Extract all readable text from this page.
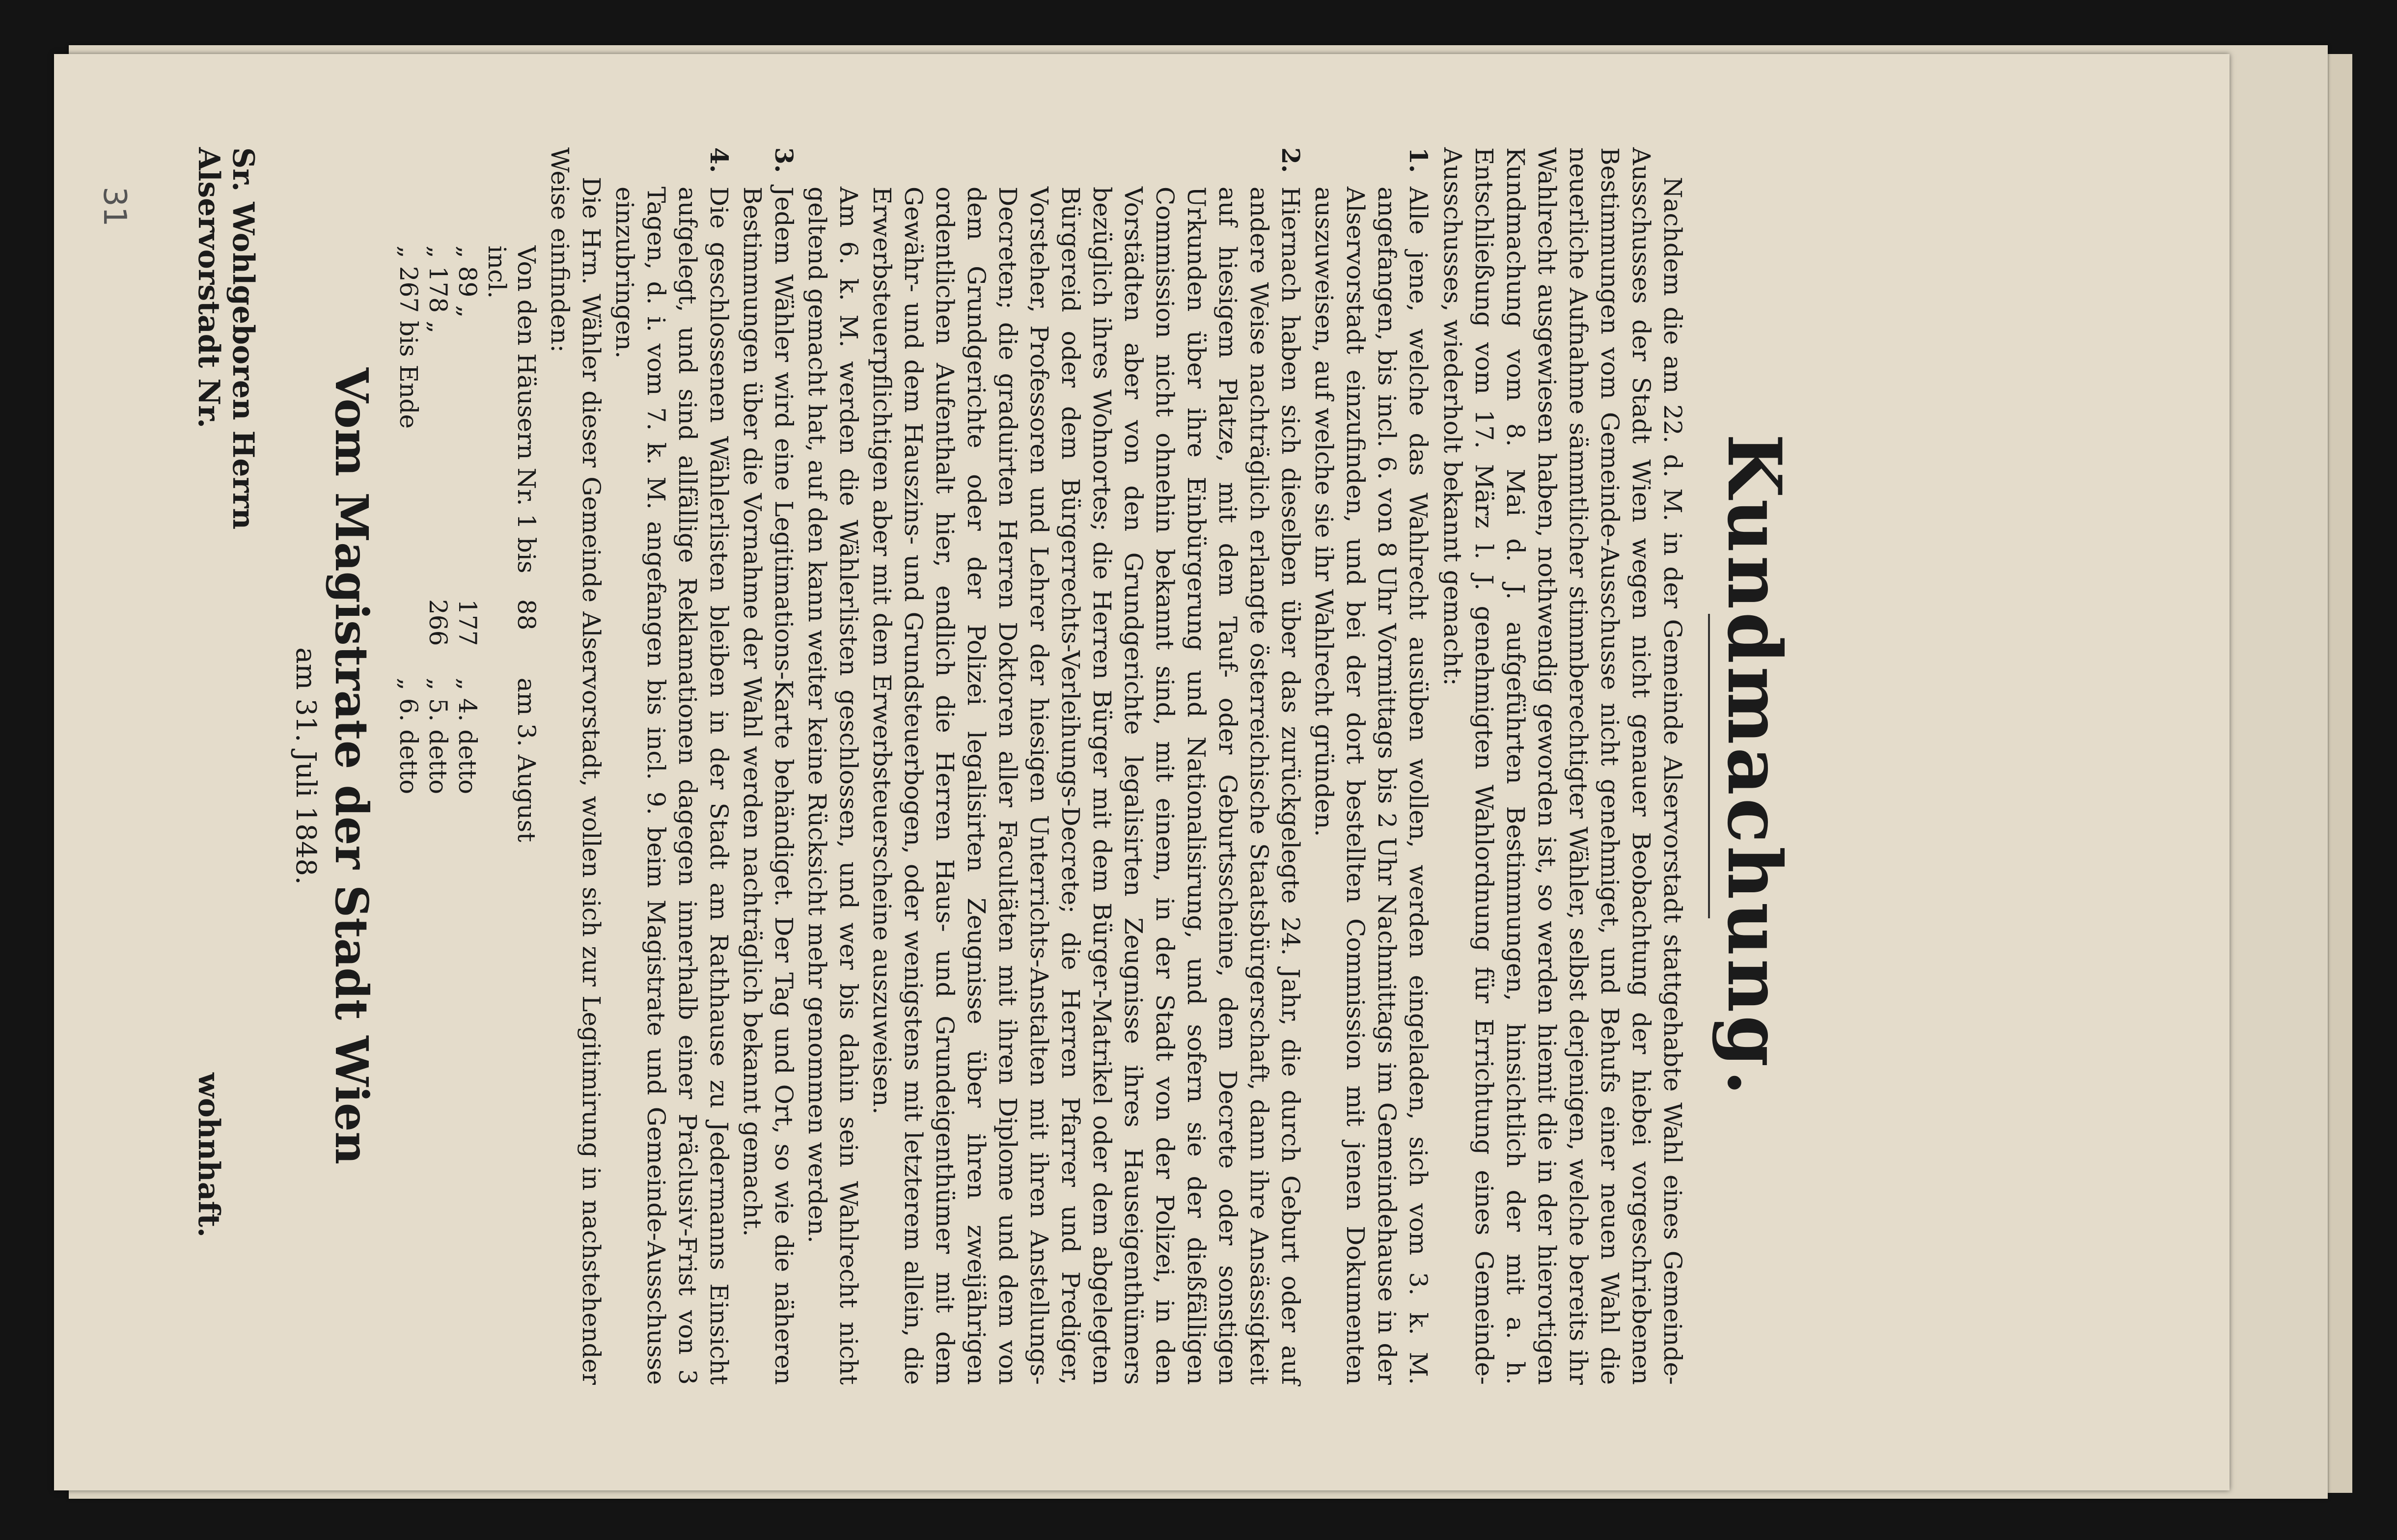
31
Kundmachung.

Nachdem die am 22. d. M. in der Gemeinde Alservorstadt stattgehabte Wahl eines Gemeinde-Ausschusses der Stadt Wien wegen nicht genauer Beobachtung der hiebei vorgeschriebenen Bestimmungen vom Gemeinde-Ausschusse nicht genehmiget, und Behufs einer neuen Wahl die neuerliche Aufnahme sämmtlicher stimmberechtigter Wähler, selbst derjenigen, welche bereits ihr Wahlrecht ausgewiesen haben, nothwendig geworden ist, so werden hiemit die in der hierortigen Kundmachung vom 8. Mai d. J. aufgeführten Bestimmungen, hinsichtlich der mit a. h. Entschließung vom 17. März l. J. genehmigten Wahlordnung für Errichtung eines Gemeinde-Ausschusses, wiederholt bekannt gemacht:

1.
Alle jene, welche das Wahlrecht ausüben wollen, werden eingeladen, sich vom 3. k. M. angefangen, bis incl. 6. von 8 Uhr Vormittags bis 2 Uhr Nachmittags im Gemeindehause in der Alservorstadt einzufinden, und bei der dort bestellten Commission mit jenen Dokumenten auszuweisen, auf welche sie ihr Wahlrecht gründen.
2.
Hiernach haben sich dieselben über das zurückgelegte 24. Jahr, die durch Geburt oder auf andere Weise nachträglich erlangte österreichische Staatsbürgerschaft, dann ihre Ansässigkeit auf hiesigem Platze, mit dem Tauf- oder Geburtsscheine, dem Decrete oder sonstigen Urkunden über ihre Einbürgerung und Nationalisirung, und sofern sie der dießfälligen Commission nicht ohnehin bekannt sind, mit einem, in der Stadt von der Polizei, in den Vorstädten aber von den Grundgerichte legalisirten Zeugnisse ihres Hauseigenthümers bezüglich ihres Wohnortes; die Herren Bürger mit dem Bürger-Matrikel oder dem abgelegten Bürgereid oder dem Bürgerrechts-Verleihungs-Decrete; die Herren Pfarrer und Prediger, Vorsteher, Professoren und Lehrer der hiesigen Unterrichts-Anstalten mit ihren Anstellungs-Decreten; die graduirten Herren Doktoren aller Facultäten mit ihren Diplome und dem von dem Grundgerichte oder der Polizei legalisirten Zeugnisse über ihren zweijährigen ordentlichen Aufenthalt hier, endlich die Herren Haus- und Grundeigenthümer mit dem Gewähr- und dem Hauszins- und Grundsteuerbogen, oder wenigstens mit letzterem allein, die Erwerbsteuerpflichtigen aber mit dem Erwerbsteuerscheine auszuweisen.
Am 6. k. M. werden die Wählerlisten geschlossen, und wer bis dahin sein Wahlrecht nicht geltend gemacht hat, auf den kann weiter keine Rücksicht mehr genommen werden.
3.
Jedem Wähler wird eine Legitimations-Karte behändiget. Der Tag und Ort, so wie die näheren Bestimmungen über die Vornahme der Wahl werden nachträglich bekannt gemacht.
4.
Die geschlossenen Wählerlisten bleiben in der Stadt am Rathhause zu Jedermanns Einsicht aufgelegt, und sind allfällige Reklamationen dagegen innerhalb einer Präclusiv-Frist von 3 Tagen, d. i. vom 7. k. M. angefangen bis incl. 9. beim Magistrate und Gemeinde-Ausschusse einzubringen.

Die Hrn. Wähler dieser Gemeinde Alservorstadt, wollen sich zur Legitimirung in nachstehender Weise einfinden:

Von den Häusern Nr. 1 bis incl.
88
am 3. August
„ 89 „
177
„ 4. detto
„ 178 „
266
„ 5. detto
„ 267 bis Ende
„ 6. detto
Vom Magistrate der Stadt Wien
am 31. Juli 1848.
Sr. Wohlgeboren Herrn
Alservorstadt Nr.
wohnhaft.
